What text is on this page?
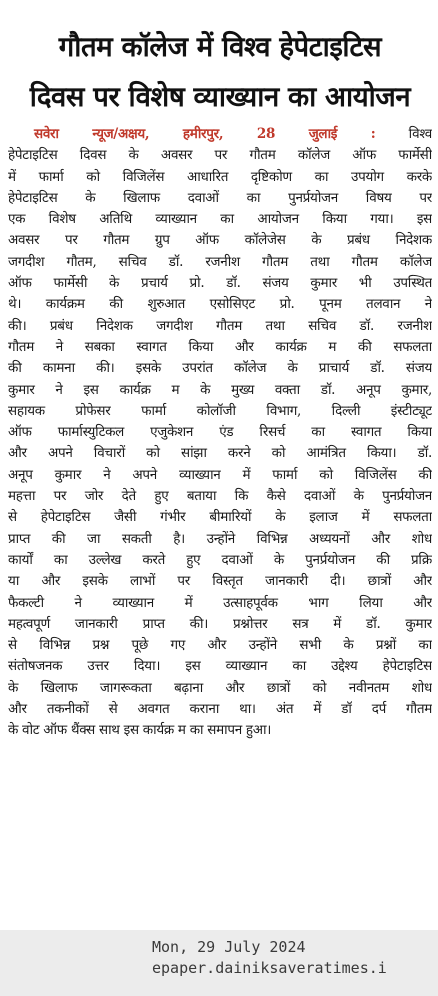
गौतम कॉलेज में विश्व हेपेटाइटिस
दिवस पर विशेष व्याख्यान का आयोजन
सवेरा न्यूज/अक्षय, हमीरपुर, 28 जुलाई : विश्व
हेपेटाइटिस दिवस के अवसर पर गौतम कॉलेज ऑफ फार्मेसी
में फार्मा को विजिलेंस आधारित दृष्टिकोण का उपयोग करके
हेपेटाइटिस के खिलाफ दवाओं का पुनर्प्रयोजन विषय पर
एक विशेष अतिथि व्याख्यान का आयोजन किया गया। इस
अवसर पर गौतम ग्रुप ऑफ कॉलेजेस के प्रबंध निदेशक
जगदीश गौतम, सचिव डॉ. रजनीश गौतम तथा गौतम कॉलेज
ऑफ फार्मेसी के प्रचार्य प्रो. डॉ. संजय कुमार भी उपस्थित
थे। कार्यक्रम की शुरुआत एसोसिएट प्रो. पूनम तलवान ने
की। प्रबंध निदेशक जगदीश गौतम तथा सचिव डॉ. रजनीश
गौतम ने सबका स्वागत किया और कार्यक्र म की सफलता
की कामना की। इसके उपरांत कॉलेज के प्राचार्य डॉ. संजय
कुमार ने इस कार्यक्र म के मुख्य वक्ता डॉ. अनूप कुमार,
सहायक प्रोफेसर फार्मा कोलॉजी विभाग, दिल्ली इंस्टीट्यूट
ऑफ फार्मास्युटिकल एजुकेशन एंड रिसर्च का स्वागत किया
और अपने विचारों को सांझा करने को आमंत्रित किया। डॉ.
अनूप कुमार ने अपने व्याख्यान में फार्मा को विजिलेंस की
महत्ता पर जोर देते हुए बताया कि कैसे दवाओं के पुनर्प्रयोजन
से हेपेटाइटिस जैसी गंभीर बीमारियों के इलाज में सफलता
प्राप्त की जा सकती है। उन्होंने विभिन्न अध्ययनों और शोध
कार्यों का उल्लेख करते हुए दवाओं के पुनर्प्रयोजन की प्रक्रि
या और इसके लाभों पर विस्तृत जानकारी दी। छात्रों और
फैकल्टी ने व्याख्यान में उत्साहपूर्वक भाग लिया और
महत्वपूर्ण जानकारी प्राप्त की। प्रश्नोत्तर सत्र में डॉ. कुमार
से विभिन्न प्रश्न पूछे गए और उन्होंने सभी के प्रश्नों का
संतोषजनक उत्तर दिया। इस व्याख्यान का उद्देश्य हेपेटाइटिस
के खिलाफ जागरूकता बढ़ाना और छात्रों को नवीनतम शोध
और तकनीकों से अवगत कराना था। अंत में डॉ दर्प गौतम
के वोट ऑफ थैंक्स साथ इस कार्यक्र म का समापन हुआ।
Mon, 29 July 2024
epaper.dainiksaveratimes.i
